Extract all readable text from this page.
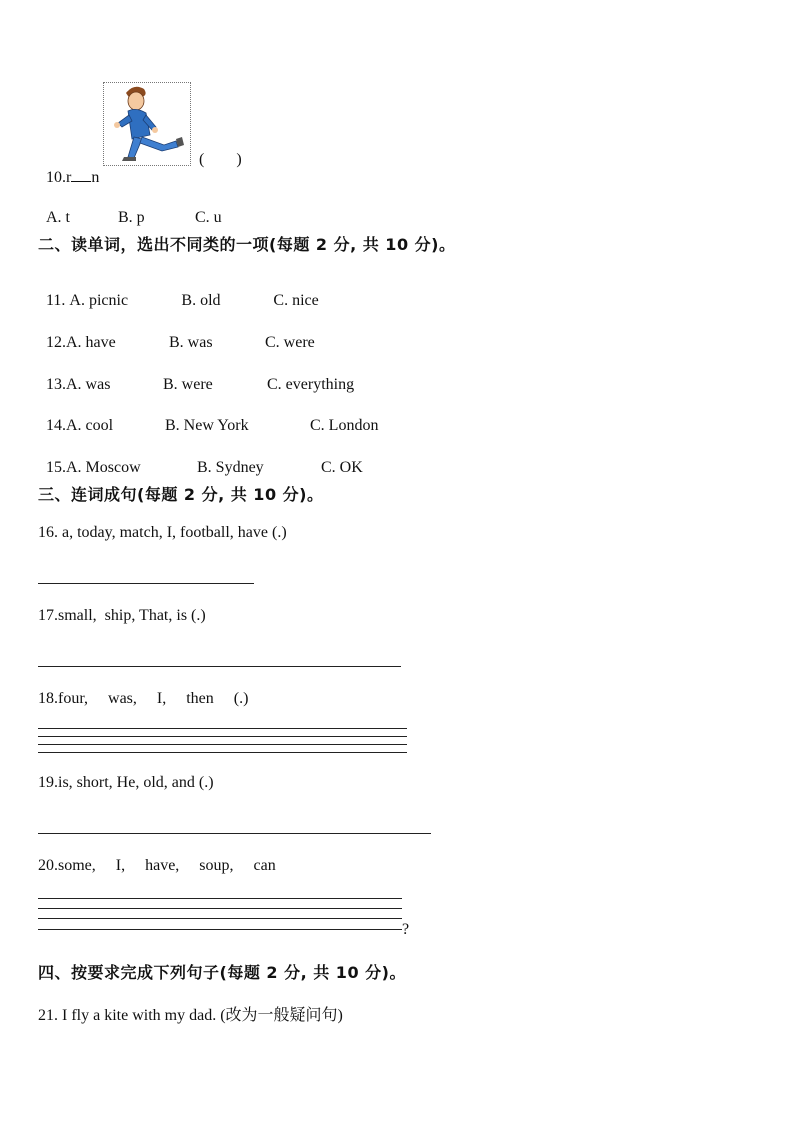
10.r n

(        )

A. t	B. p	C. u

二、读单词，选出不同类的一项(每题 2 分, 共 10 分)。

11. A. picnic	B. old	C. nice

12.A. have	B. was	C. were

13.A. was	B. were	C. everything

14.A. cool	B. New York	C. London

15.A. Moscow	B. Sydney	C. OK

三、连词成句(每题 2 分, 共 10 分)。
16. a, today, match, I, football, have (.)
17.small,  ship, That, is (.)
18.four,     was,     I,     then     (.)
19.is, short, He, old, and (.)
20.some,     I,     have,     soup,     can
?
四、按要求完成下列句子(每题 2 分, 共 10 分)。
21. I fly a kite with my dad. (改为一般疑问句)
